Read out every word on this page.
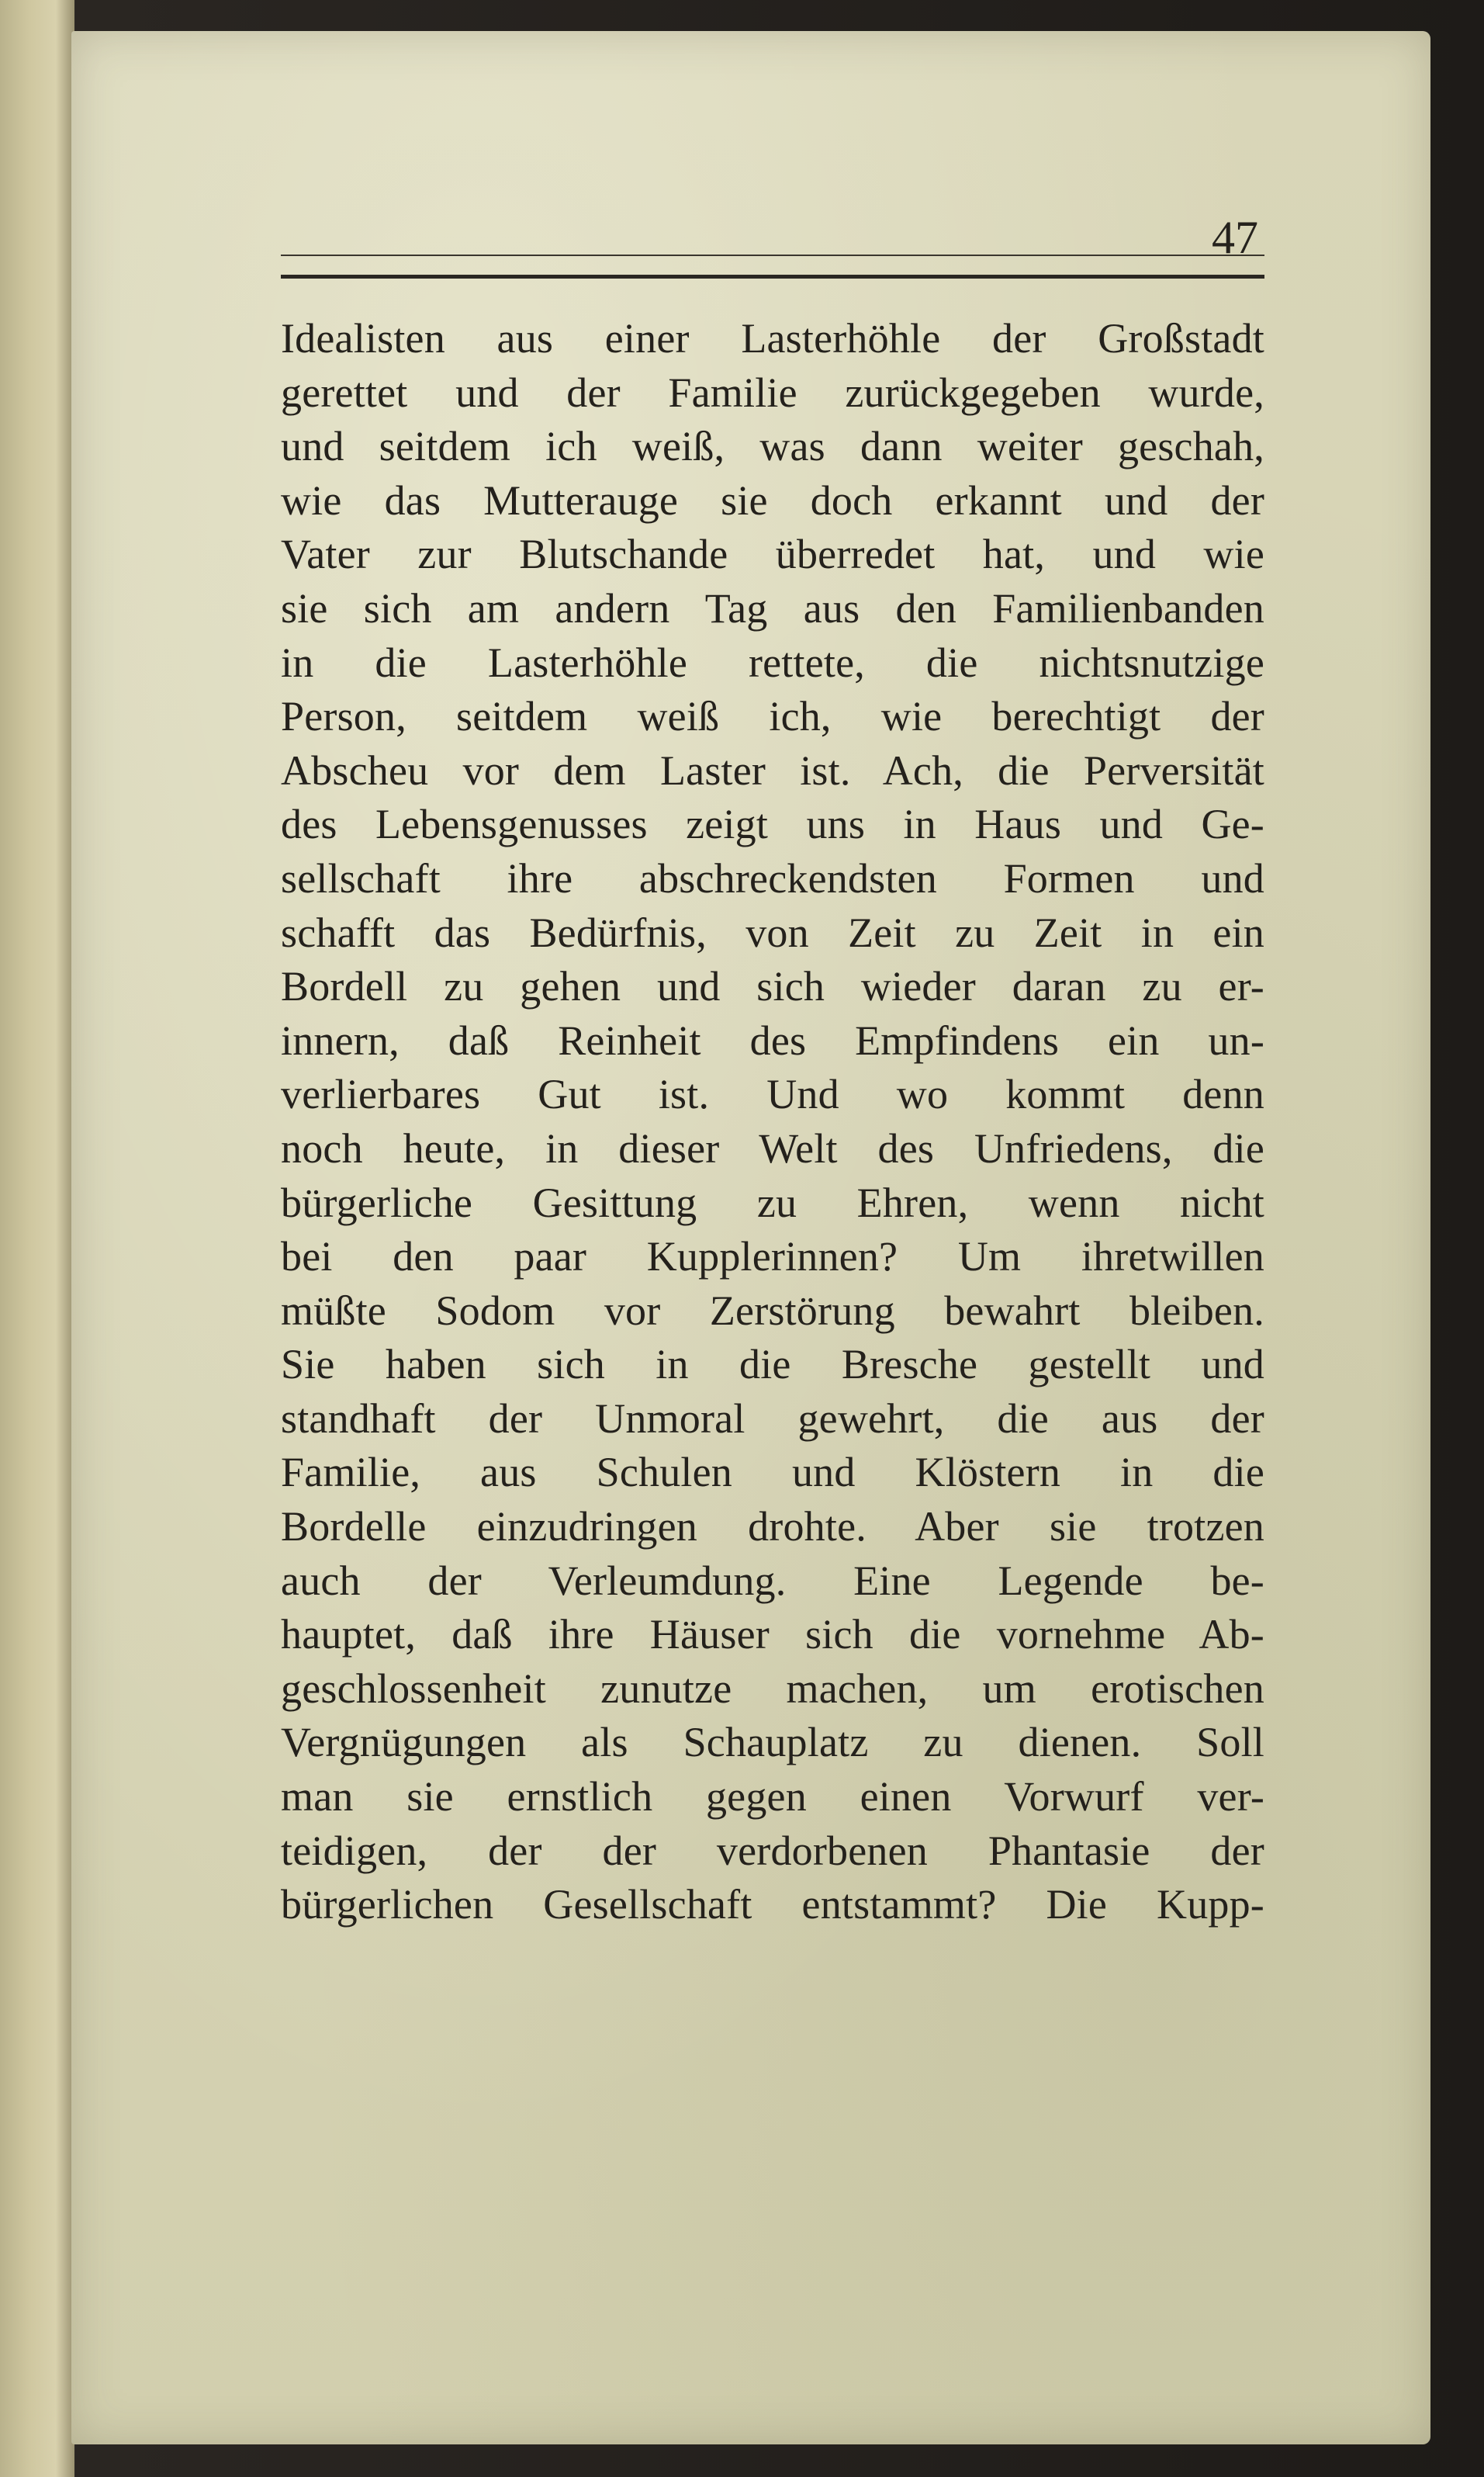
47

Idealisten aus einer Lasterhöhle der Großstadt
gerettet und der Familie zurückgegeben wurde,
und seitdem ich weiß, was dann weiter geschah,
wie das Mutterauge sie doch erkannt und der
Vater zur Blutschande überredet hat, und wie
sie sich am andern Tag aus den Familienbanden
in die Lasterhöhle rettete, die nichtsnutzige
Person, seitdem weiß ich, wie berechtigt der
Abscheu vor dem Laster ist. Ach, die Perversität
des Lebensgenusses zeigt uns in Haus und Ge-
sellschaft ihre abschreckendsten Formen und
schafft das Bedürfnis, von Zeit zu Zeit in ein
Bordell zu gehen und sich wieder daran zu er-
innern, daß Reinheit des Empfindens ein un-
verlierbares Gut ist. Und wo kommt denn
noch heute, in dieser Welt des Unfriedens, die
bürgerliche Gesittung zu Ehren, wenn nicht
bei den paar Kupplerinnen? Um ihretwillen
müßte Sodom vor Zerstörung bewahrt bleiben.
Sie haben sich in die Bresche gestellt und
standhaft der Unmoral gewehrt, die aus der
Familie, aus Schulen und Klöstern in die
Bordelle einzudringen drohte. Aber sie trotzen
auch der Verleumdung. Eine Legende be-
hauptet, daß ihre Häuser sich die vornehme Ab-
geschlossenheit zunutze machen, um erotischen
Vergnügungen als Schauplatz zu dienen. Soll
man sie ernstlich gegen einen Vorwurf ver-
teidigen, der der verdorbenen Phantasie der
bürgerlichen Gesellschaft entstammt? Die Kupp-
